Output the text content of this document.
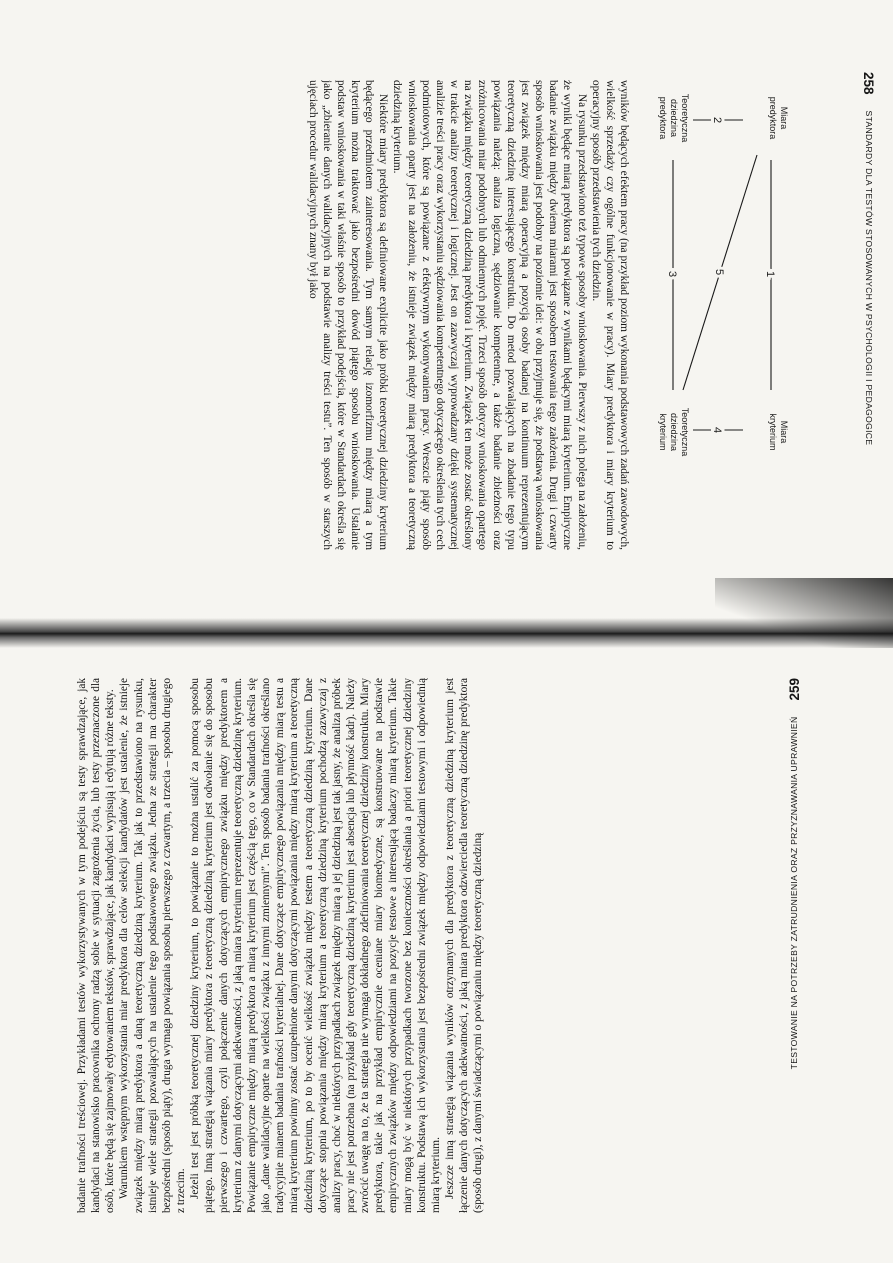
258
STANDARDY DLA TESTÓW STOSOWANYCH W PSYCHOLOGII I PEDAGOGICE
Miara
predyktora
Miara
kryterium
Teoretyczna
dziedzina
predyktora
Teoretyczna
dziedzina
kryterium
1
2
3
4
5

wyników będących efektem pracy (na przykład poziom wykonania podstawowych zadań zawodowych, wielkość sprzedaży czy ogólne funkcjonowanie w pracy). Miary predyktora i miary kryterium to operacyjny sposób przedstawienia tych dziedzin.

Na rysunku przedstawiono też typowe sposoby wnioskowania. Pierwszy z nich polega na założeniu, że wyniki będące miarą predyktora są powiązane z wynikami będącymi miarą kryterium. Empiryczne badanie związku między dwiema miarami jest sposobem testowania tego założenia. Drugi i czwarty sposób wnioskowania jest podobny na poziomie idei: w obu przyjmuje się, że podstawą wnioskowania jest związek między miarą operacyjną a pozycją osoby badanej na kontinuum reprezentującym teoretyczną dziedzinę interesującego konstruktu. Do metod pozwalających na zbadanie tego typu powiązania należą: analiza logiczna, sędziowanie kompetentne, a także badanie zbieżności oraz zróżnicowania miar podobnych lub odmiennych pojęć. Trzeci sposób dotyczy wnioskowania opartego na związku między teoretyczną dziedziną predyktora i kryterium. Związek ten może zostać określony w trakcie analizy teoretycznej i logicznej. Jest on zazwyczaj wyprowadzany dzięki systematycznej analizie treści pracy oraz wykorzystaniu sędziowania kompetentnego dotyczącego określenia tych cech podmiotowych, które są powiązane z efektywnym wykonywaniem pracy. Wreszcie piąty sposób wnioskowania oparty jest na założeniu, że istnieje związek między miarą predyktora a teoretyczną dziedziną kryterium.

Niektóre miary predyktora są definiowane explicite jako próbki teoretycznej dziedziny kryterium będącego przedmiotem zainteresowania. Tym samym relację izomorfizmu między miarą a tym kryterium można traktować jako bezpośredni dowód piątego sposobu wnioskowania. Ustalanie podstaw wnioskowania w taki właśnie sposób to przykład podejścia, które w Standardach określa się jako „zbieranie danych walidacyjnych na podstawie analizy treści testu”. Ten sposób w starszych ujęciach procedur walidacyjnych znany był jako

TESTOWANIE NA POTRZEBY ZATRUDNIENIA ORAZ PRZYZNAWANIA UPRAWNIEŃ
259

badanie trafności treściowej. Przykładami testów wykorzystywanych w tym podejściu są testy sprawdzające, jak kandydaci na stanowisko pracownika ochrony radzą sobie w sytuacji zagrożenia życia, lub testy przeznaczone dla osób, które będą się zajmowały edytowaniem tekstów, sprawdzające, jak kandydaci wypisują i edytują różne teksty. Warunkiem wstępnym wykorzystania miar predyktora dla celów selekcji kandydatów jest ustalenie, że istnieje związek między miarą predyktora a daną teoretyczną dziedziną kryterium. Tak jak to przedstawiono na rysunku, istnieje wiele strategii pozwalających na ustalenie tego podstawowego związku. Jedna ze strategii ma charakter bezpośredni (sposób piąty), druga wymaga powiązania sposobu pierwszego z czwartym, a trzecia – sposobu drugiego z trzecim. Jeżeli test jest próbką teoretycznej dziedziny kryterium, to powiązanie to można ustalić za pomocą sposobu piątego. Inną strategią wiązania miary predyktora z teoretyczną dziedziną kryterium jest odwołanie się do sposobu pierwszego i czwartego, czyli połączenie danych dotyczących empirycznego związku między predyktorem a kryterium z danymi dotyczącymi adekwatności, z jaką miara kryterium reprezentuje teoretyczną dziedzinę kryterium. Powiązanie empiryczne między miarą predyktora a miarą kryterium jest częścią tego, co w Standardach określa się jako „dane walidacyjne oparte na wielkości związku z innymi zmiennymi”. Ten sposób badania trafności określano tradycyjnie mianem badania trafności kryterialnej. Dane dotyczące empirycznego powiązania między miarą testu a miarą kryterium powinny zostać uzupełnione danymi dotyczącymi powiązania między miarą kryterium a teoretyczną dziedziną kryterium, po to by ocenić wielkość związku między testem a teoretyczną dziedziną kryterium. Dane dotyczące stopnia powiązania między miarą kryterium a teoretyczną dziedziną kryterium pochodzą zazwyczaj z analizy pracy, choć w niektórych przypadkach związek między miarą a jej dziedziną jest tak jasny, że analiza próbek pracy nie jest potrzebna (na przykład gdy teoretyczną dziedziną kryterium jest absencja lub płynność kadr). Należy zwrócić uwagę na to, że ta strategia nie wymaga dokładnego zdefiniowania teoretycznej dziedziny konstruktu. Miary predyktora, takie jak na przykład empirycznie oceniane miary biomedyczne, są konstruowane na podstawie empirycznych związków między odpowiedziami na pozycje testowe a interesującą badaczy miarą kryterium. Takie miary mogą być w niektórych przypadkach tworzone bez konieczności określania a priori teoretycznej dziedziny konstruktu. Podstawą ich wykorzystania jest bezpośredni związek między odpowiedziami testowymi i odpowiednią miarą kryterium. Jeszcze inną strategią wiązania wyników otrzymanych dla predyktora z teoretyczną dziedziną kryterium jest łączenie danych dotyczących adekwatności, z jaką miara predyktora odzwierciedla teoretyczną dziedzinę predyktora (sposób drugi), z danymi świadczącymi o powiązaniu między teoretyczną dziedziną
